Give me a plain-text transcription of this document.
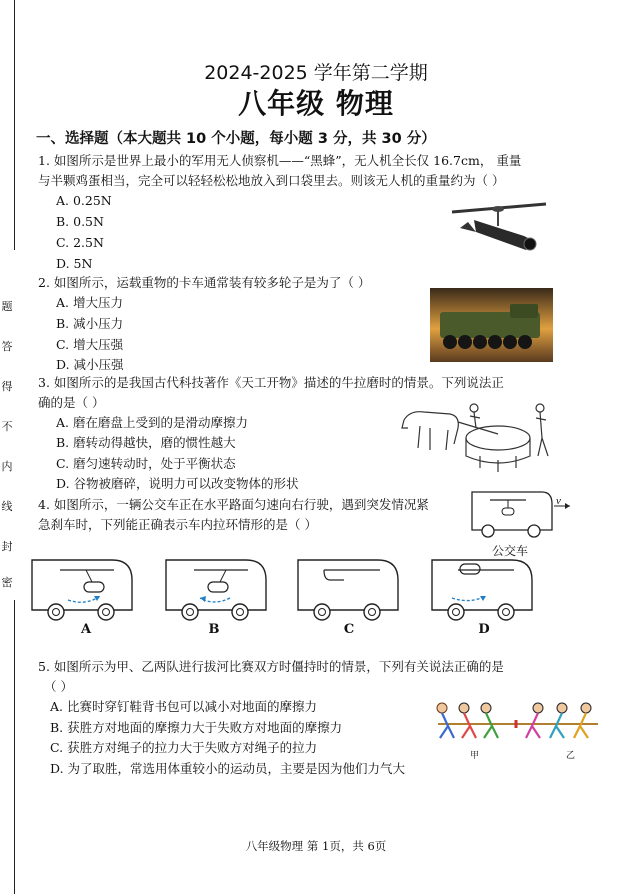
题
答
得
不
内
线
封
密
2024-2025 学年第二学期
八年级 物理
一、选择题（本大题共 10 个小题，每小题 3 分，共 30 分）
1. 如图所示是世界上最小的军用无人侦察机——“黑蜂”，无人机全长仅 16.7cm， 重量
与半颗鸡蛋相当，完全可以轻轻松松地放入到口袋里去。则该无人机的重量约为（ ）
A. 0.25N
B. 0.5N
C. 2.5N
D. 5N
2. 如图所示，运载重物的卡车通常装有较多轮子是为了（ ）
A. 增大压力
B. 减小压力
C. 增大压强
D. 减小压强
3. 如图所示的是我国古代科技著作《天工开物》描述的牛拉磨时的情景。下列说法正
确的是（ ）
A. 磨在磨盘上受到的是滑动摩擦力
B. 磨转动得越快，磨的惯性越大
C. 磨匀速转动时，处于平衡状态
D. 谷物被磨碎，说明力可以改变物体的形状
4. 如图所示，一辆公交车正在水平路面匀速向右行驶，遇到突发情况紧
急刹车时，下列能正确表示车内拉环情形的是（ ）
v
公交车
A	B	C	D
5. 如图所示为甲、乙两队进行拔河比赛双方时僵持时的情景，下列有关说法正确的是
（ ）
A. 比赛时穿钉鞋背书包可以减小对地面的摩擦力
B. 获胜方对地面的摩擦力大于失败方对地面的摩擦力
C. 获胜方对绳子的拉力大于失败方对绳子的拉力
D. 为了取胜，常选用体重较小的运动员，主要是因为他们力气大
甲	乙
八年级物理 第 1页，共 6页
